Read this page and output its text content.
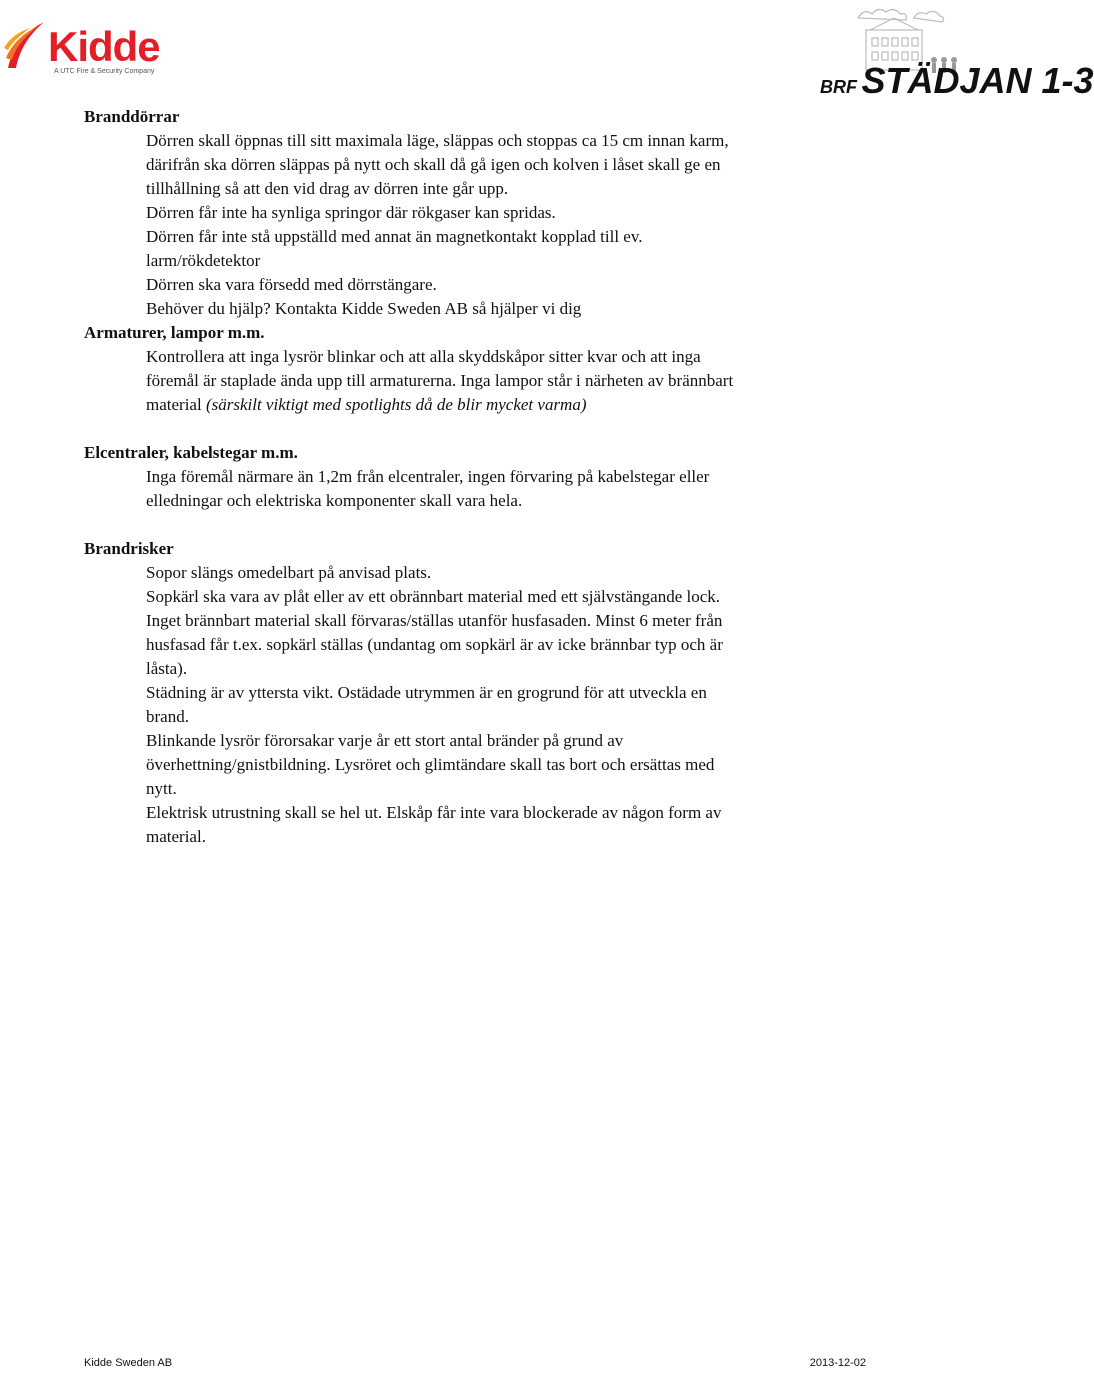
Kidde
A UTC Fire & Security Company
BRF STÄDJAN 1-3

Branddörrar

Dörren skall öppnas till sitt maximala läge, släppas och stoppas ca 15 cm innan karm,

därifrån ska dörren släppas på nytt och skall då gå igen och kolven i låset skall ge en

tillhållning så att den vid drag av dörren inte går upp.

Dörren får inte ha synliga springor där rökgaser kan spridas.

Dörren får inte stå uppställd med annat än magnetkontakt kopplad till ev.

larm/rökdetektor

Dörren ska vara försedd med dörrstängare.

Behöver du hjälp? Kontakta Kidde Sweden AB så hjälper vi dig

Armaturer, lampor m.m.

Kontrollera att inga lysrör blinkar och att alla skyddskåpor sitter kvar och att inga

föremål är staplade ända upp till armaturerna. Inga lampor står i närheten av brännbart

material (särskilt viktigt med spotlights då de blir mycket varma)

Elcentraler, kabelstegar m.m.

Inga föremål närmare än 1,2m från elcentraler, ingen förvaring på kabelstegar eller

elledningar och elektriska komponenter skall vara hela.

Brandrisker

Sopor slängs omedelbart på anvisad plats.

Sopkärl ska vara av plåt eller av ett obrännbart material med ett självstängande lock.

Inget brännbart material skall förvaras/ställas utanför husfasaden. Minst 6 meter från

husfasad får t.ex. sopkärl ställas (undantag om sopkärl är av icke brännbar typ och är

låsta).

Städning är av yttersta vikt. Ostädade utrymmen är en grogrund för att utveckla en

brand.

Blinkande lysrör förorsakar varje år ett stort antal bränder på grund av

överhettning/gnistbildning. Lysröret och glimtändare skall tas bort och ersättas med

nytt.

Elektrisk utrustning skall se hel ut. Elskåp får inte vara blockerade av någon form av

material.

Kidde Sweden AB	2013-12-02
